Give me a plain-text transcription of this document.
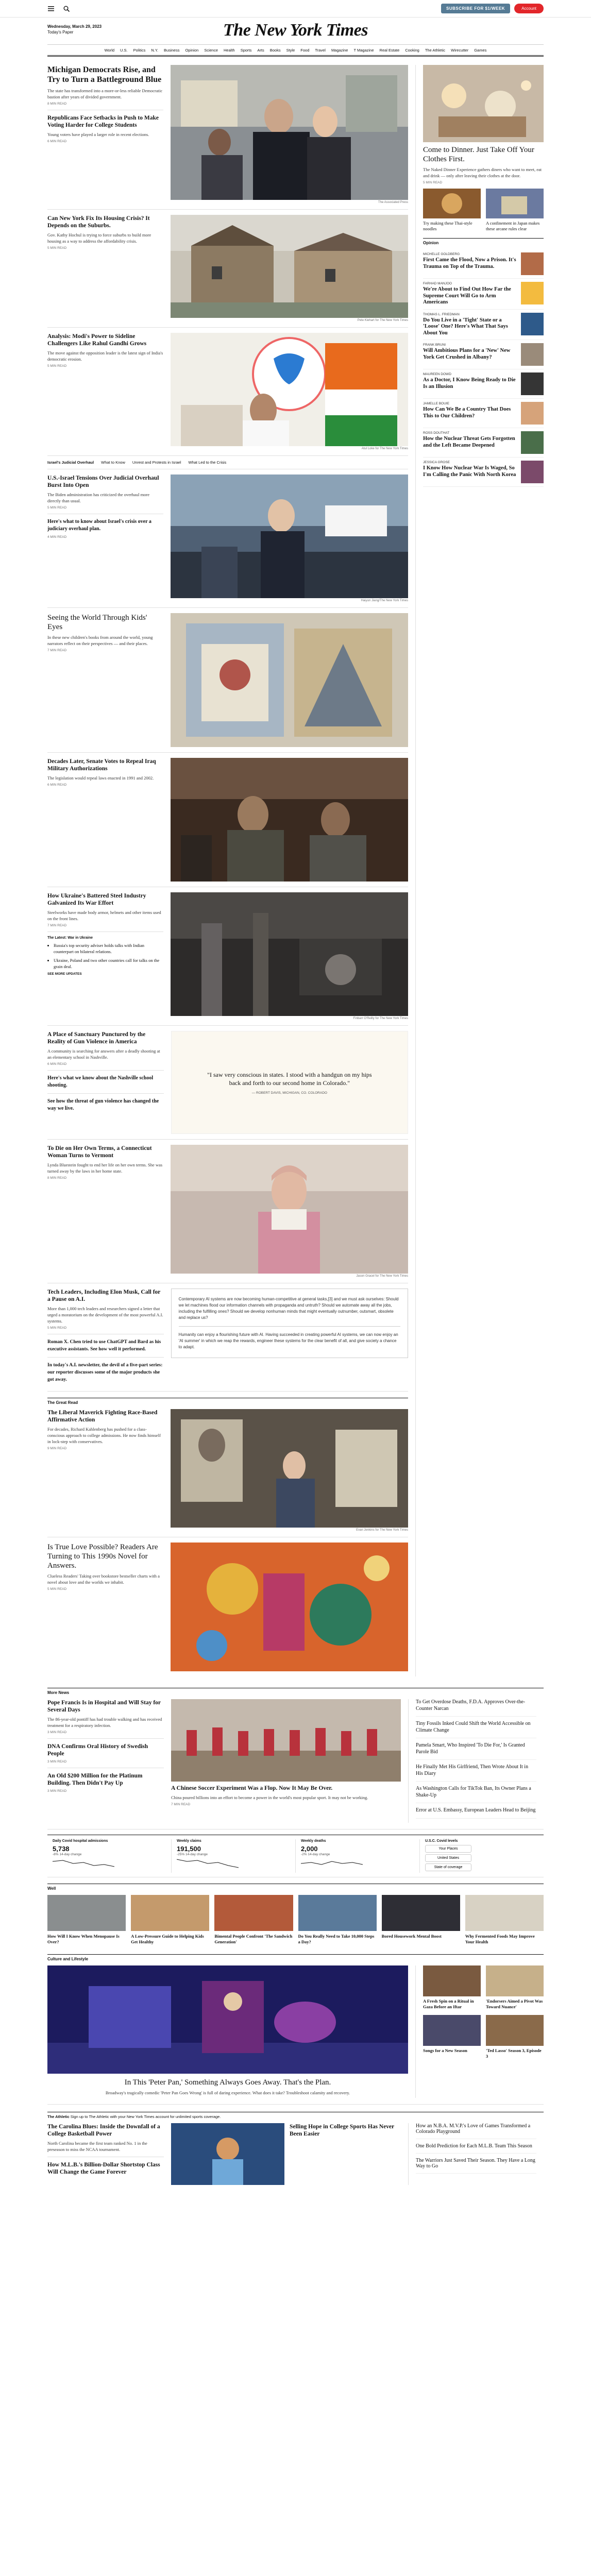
SUBSCRIBE FOR $1/WEEK	Account
Wednesday, March 29, 2023
Today's Paper	The New York Times
World U.S. Politics N.Y. Business Opinion Science Health Sports Arts Books Style Food Travel Magazine T Magazine Real Estate Cooking The Athletic Wirecutter Games
Michigan Democrats Rise, and Try to Turn a Battleground Blue

The state has transformed into a more-or-less reliable Democratic bastion after years of divided government.

8 MIN READ

Republicans Face Setbacks in Push to Make Voting Harder for College Students

Young voters have played a larger role in recent elections.

6 MIN READ

The Associated Press
Can New York Fix Its Housing Crisis? It Depends on the Suburbs.

Gov. Kathy Hochul is trying to force suburbs to build more housing as a way to address the affordability crisis.

5 MIN READ

Pete Kiehart for The New York Times
Analysis: Modi's Power to Sideline Challengers Like Rahul Gandhi Grows

The move against the opposition leader is the latest sign of India's democratic erosion.

5 MIN READ

Atul Loke for The New York Times
Israel's Judicial Overhaul What to Know Unrest and Protests in Israel What Led to the Crisis
U.S.-Israel Tensions Over Judicial Overhaul Burst Into Open

The Biden administration has criticized the overhaul more directly than usual.

5 MIN READ

Here's what to know about Israel's crisis over a judiciary overhaul plan.

4 MIN READ

Haiyun Jiang/The New York Times
Seeing the World Through Kids' Eyes

In these new children's books from around the world, young narrators reflect on their perspectives — and their places.

7 MIN READ

Decades Later, Senate Votes to Repeal Iraq Military Authorizations

The legislation would repeal laws enacted in 1991 and 2002.

6 MIN READ

How Ukraine's Battered Steel Industry Galvanized Its War Effort

Steelworks have made body armor, helmets and other items used on the front lines.

7 MIN READ

The Latest: War in Ukraine

• Russia's top security adviser holds talks with Indian counterpart on bilateral relations.
• Ukraine, Poland and two other countries call for talks on the grain deal.

SEE MORE UPDATES

Finbarr O'Reilly for The New York Times
A Place of Sanctuary Punctured by the Reality of Gun Violence in America

A community is searching for answers after a deadly shooting at an elementary school in Nashville.

6 MIN READ

Here's what we know about the Nashville school shooting.
See how the threat of gun violence has changed the way we live.

"I saw very conscious in states. I stood with a handgun on my hips back and forth to our second home in Colorado."

— ROBERT DAVIS, MICHIGAN, CO. COLORADO

To Die on Her Own Terms, a Connecticut Woman Turns to Vermont

Lynda Bluestein fought to end her life on her own terms. She was turned away by the laws in her home state.

8 MIN READ

Jason Gracel for The New York Times
Tech Leaders, Including Elon Musk, Call for a Pause on A.I.

More than 1,000 tech leaders and researchers signed a letter that urged a moratorium on the development of the most powerful A.I. systems.

5 MIN READ

Roman X. Chen tried to use ChatGPT and Bard as his executive assistants. See how well it performed.
In today's A.I. newsletter, the devil of a five-part series: our reporter discusses some of the major products she got away.

Contemporary AI systems are now becoming human-competitive at general tasks,[3] and we must ask ourselves: Should we let machines flood our information channels with propaganda and untruth? Should we automate away all the jobs, including the fulfilling ones? Should we develop nonhuman minds that might eventually outnumber, outsmart, obsolete and replace us?

Humanity can enjoy a flourishing future with AI. Having succeeded in creating powerful AI systems, we can now enjoy an 'AI summer' in which we reap the rewards, engineer these systems for the clear benefit of all, and give society a chance to adapt.

The Great Read
The Liberal Maverick Fighting Race-Based Affirmative Action

For decades, Richard Kahlenberg has pushed for a class-conscious approach to college admissions. He now finds himself in lock-step with conservatives.

9 MIN READ

Evan Jenkins for The New York Times
Is True Love Possible? Readers Are Turning to This 1990s Novel for Answers.

Clueless Readers' Taking over bookstore bestseller charts with a novel about love and the worlds we inhabit.

5 MIN READ

Come to Dinner. Just Take Off Your Clothes First.

The Naked Dinner Experience gathers diners who want to meet, eat and drink — only after leaving their clothes at the door.

5 MIN READ

Try making these Thai-style noodles

A confinement in Japan makes these arcane rules clear

Opinion

MICHELLE GOLDBERG

First Came the Flood, Now a Prison. It's Trauma on Top of the Trauma.

FARHAD MANJOO

We're About to Find Out How Far the Supreme Court Will Go to Arm Americans

THOMAS L. FRIEDMAN

Do You Live in a 'Tight' State or a 'Loose' One? Here's What That Says About You

FRANK BRUNI

Will Ambitious Plans for a 'New' New York Get Crushed in Albany?

MAUREEN DOWD

As a Doctor, I Know Being Ready to Die Is an Illusion

JAMELLE BOUIE

How Can We Be a Country That Does This to Our Children?

ROSS DOUTHAT

How the Nuclear Threat Gets Forgotten and the Left Became Deepened

JESSICA GROSE

I Know How Nuclear War Is Waged, So I'm Calling the Panic With North Korea

More News
Pope Francis Is in Hospital and Will Stay for Several Days

The 86-year-old pontiff has had trouble walking and has received treatment for a respiratory infection.

3 MIN READ

DNA Confirms Oral History of Swedish People

3 MIN READ

An Old $200 Million for the Platinum Building. Then Didn't Pay Up

3 MIN READ	A Chinese Soccer Experiment Was a Flop. Now It May Be Over.

China poured billions into an effort to become a power in the world's most popular sport. It may not be working.

7 MIN READ

To Get Overdose Deaths, F.D.A. Approves Over-the-Counter Narcan

Tiny Fossils Inked Could Shift the World Accessible on Climate Change

Pamela Smart, Who Inspired 'To Die For,' Is Granted Parole Bid

He Finally Met His Girlfriend, Then Wrote About It in His Diary

As Washington Calls for TikTok Ban, Its Owner Plans a Shake-Up

Error at U.S. Embassy, European Leaders Head to Beijing

Daily Covid hospital admissions

5,738

-8% 14-day change

Weekly claims

191,500

-25% 14-day change

Weekly deaths

2,000

-2% 14-day change

U.S.C. Covid levels

Your Places
United States
State of coverage
Well

How Will I Know When Menopause Is Over?

A Low-Pressure Guide to Helping Kids Get Healthy

Bimental People Confront 'The Sandwich Generation'

Do You Really Need to Take 10,000 Steps a Day?

Bored Housework Mental Boost	Why Fermented Foods May Improve Your Health

Culture and Lifestyle
In This 'Peter Pan,' Something Always Goes Away. That's the Plan.

Broadway's tragically comedic 'Peter Pan Goes Wrong' is full of daring experience. What does it take? Troubleshoot calamity and recovery.

A Fresh Spin on a Ritual in Gaza Before an Iftar

'Endorsers Aimed a Pivot Was Toward Nuance'

Songs for a New Season	'Ted Lasso' Season 3, Episode 3

The Athletic Sign up to The Athletic with your New York Times account for unlimited sports coverage.
The Carolina Blues: Inside the Downfall of a College Basketball Power

North Carolina became the first team ranked No. 1 in the preseason to miss the NCAA tournament.

How M.L.B.'s Billion-Dollar Shortstop Class Will Change the Game Forever
Selling Hope in College Sports Has Never Been Easier

How an N.B.A. M.V.P.'s Love of Games Transformed a Colorado Playground

One Bold Prediction for Each M.L.B. Team This Season

The Warriors Just Saved Their Season. They Have a Long Way to Go
